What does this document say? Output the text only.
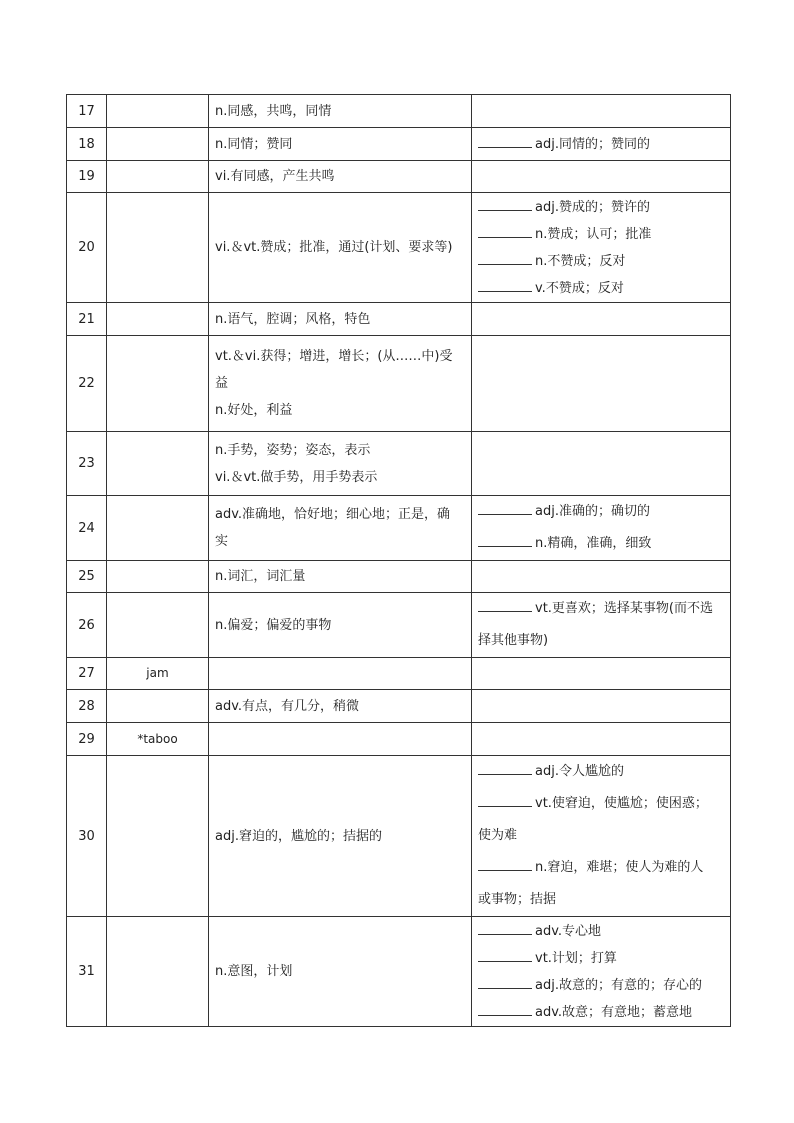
17		n.同感，共鸣，同情	

18		n.同情；赞同	adj.同情的；赞同的

19		vi.有同感，产生共鸣	

20		vi.＆vt.赞成；批准，通过(计划、要求等)	adj.赞成的；赞许的
n.赞成；认可；批准
n.不赞成；反对
v.不赞成；反对

21		n.语气，腔调；风格，特色	

22		vt.＆vi.获得；增进，增长；(从……中)受
益
n.好处，利益	

23		n.手势，姿势；姿态，表示
vi.＆vt.做手势，用手势表示	

24		adv.准确地，恰好地；细心地；正是，确
实	adj.准确的；确切的
n.精确，准确，细致

25		n.词汇，词汇量	

26		n.偏爱；偏爱的事物	vt.更喜欢；选择某事物(而不选
择其他事物)

27	jam		
28		adv.有点，有几分，稍微	

29	*taboo		
30		adj.窘迫的，尴尬的；拮据的	adj.令人尴尬的
vt.使窘迫，使尴尬；使困惑；
使为难
n.窘迫，难堪；使人为难的人
或事物；拮据

31		n.意图，计划	adv.专心地
vt.计划；打算
adj.故意的；有意的；存心的
adv.故意；有意地；蓄意地
